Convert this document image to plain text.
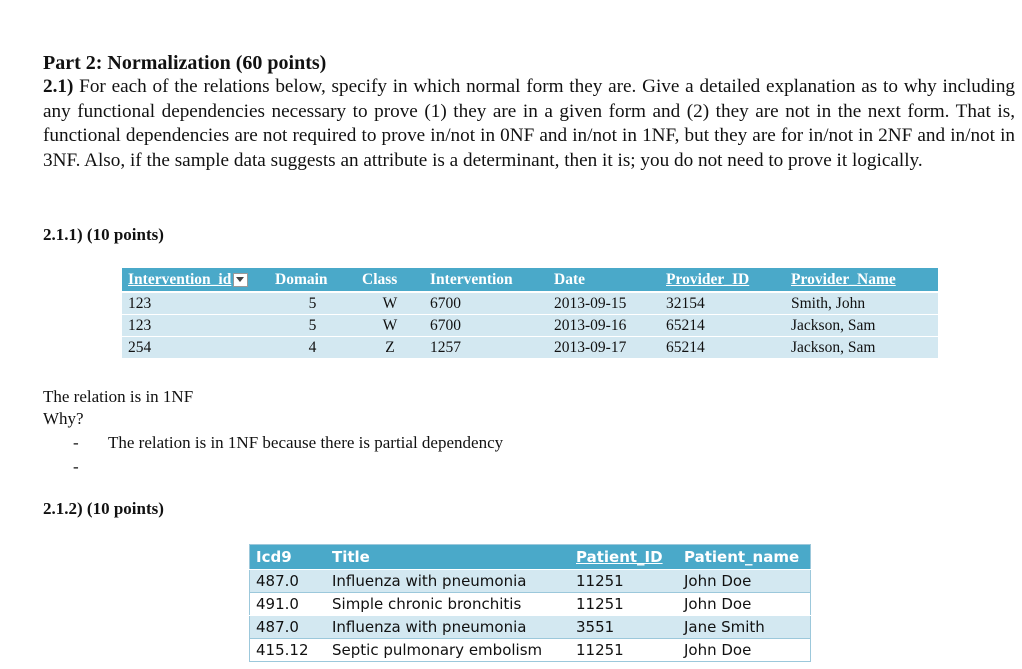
Part 2: Normalization (60 points)
2.1) For each of the relations below, specify in which normal form they are. Give a detailed explanation as to why including any functional dependencies necessary to prove (1) they are in a given form and (2) they are not in the next form. That is, functional dependencies are not required to prove in/not in 0NF and in/not in 1NF, but they are for in/not in 2NF and in/not in 3NF. Also, if the sample data suggests an attribute is a determinant, then it is; you do not need to prove it logically.
2.1.1) (10 points)
Intervention_id	Domain	Class	Intervention	Date	Provider_ID	Provider_Name
123	5	W	6700	2013-09-15	32154	Smith, John
123	5	W	6700	2013-09-16	65214	Jackson, Sam
254	4	Z	1257	2013-09-17	65214	Jackson, Sam
The relation is in 1NF
Why?
- The relation is in 1NF because there is partial dependency
-
2.1.2) (10 points)
Icd9	Title	Patient_ID	Patient_name
487.0	Influenza with pneumonia	11251	John Doe
491.0	Simple chronic bronchitis	11251	John Doe
487.0	Influenza with pneumonia	3551	Jane Smith
415.12	Septic pulmonary embolism	11251	John Doe
